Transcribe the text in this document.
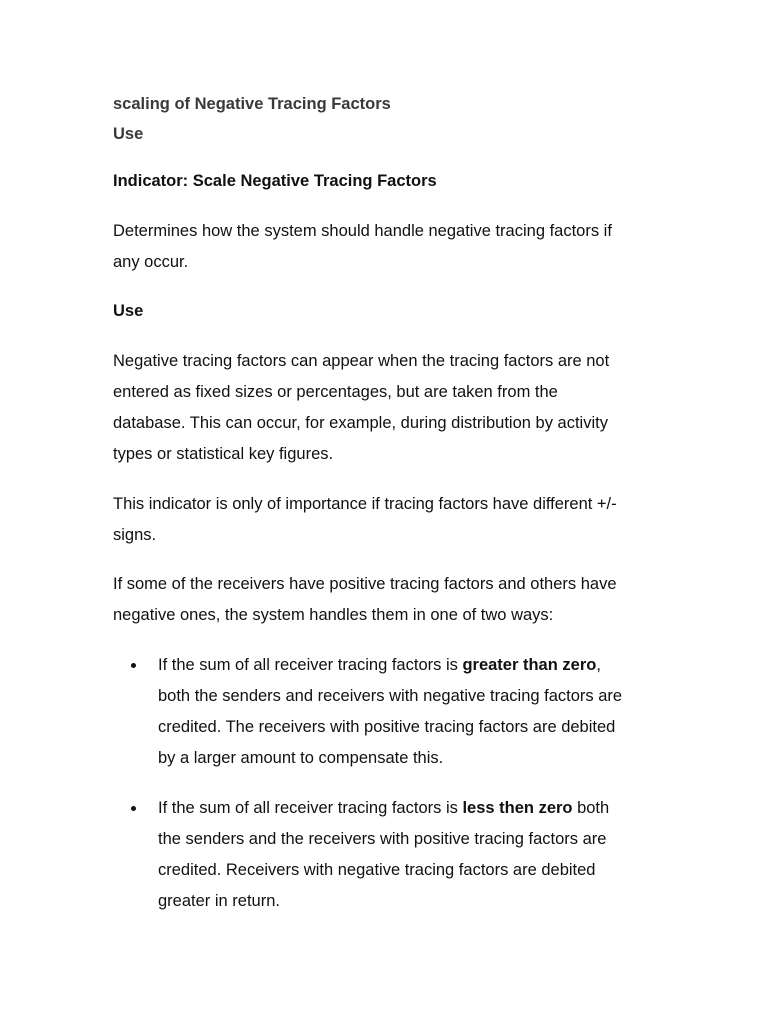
scaling of Negative Tracing Factors
Use
Indicator: Scale Negative Tracing Factors
Determines how the system should handle negative tracing factors if
any occur.
Use
Negative tracing factors can appear when the tracing factors are not
entered as fixed sizes or percentages, but are taken from the
database. This can occur, for example, during distribution by activity
types or statistical key figures.
This indicator is only of importance if tracing factors have different +/-
signs.
If some of the receivers have positive tracing factors and others have
negative ones, the system handles them in one of two ways:
If the sum of all receiver tracing factors is greater than zero,
both the senders and receivers with negative tracing factors are
credited. The receivers with positive tracing factors are debited
by a larger amount to compensate this.
If the sum of all receiver tracing factors is less then zero both
the senders and the receivers with positive tracing factors are
credited. Receivers with negative tracing factors are debited
greater in return.
